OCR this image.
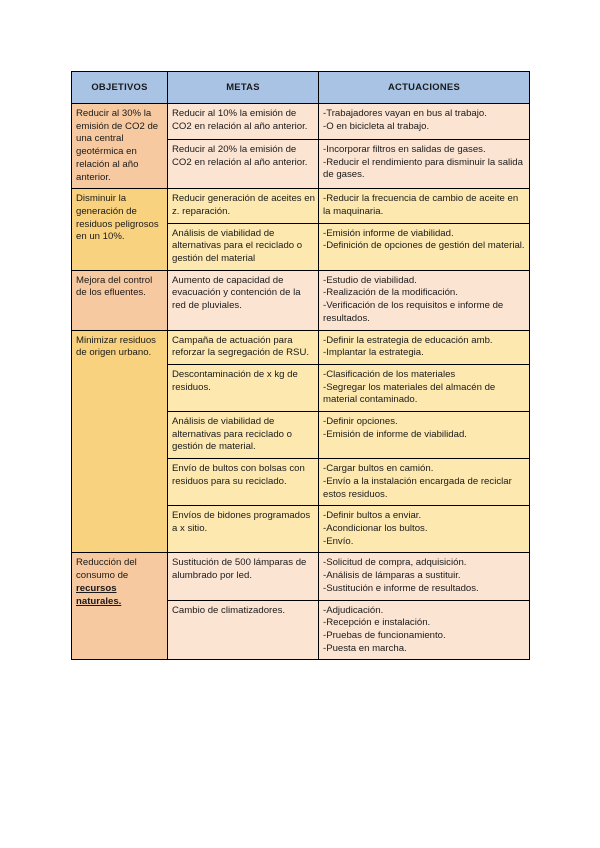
OBJETIVOS	METAS	ACTUACIONES
Reducir al 30% la emisión de CO2 de una central geotérmica en relación al año anterior.	Reducir al 10% la emisión de CO2 en relación al año anterior.	-Trabajadores vayan en bus al trabajo.
-O en bicicleta al trabajo.

	Reducir al 20% la emisión de CO2 en relación al año anterior.	-Incorporar filtros en salidas de gases.
-Reducir el rendimiento para disminuir la salida de gases.

Disminuir la generación de residuos peligrosos en un 10%.	Reducir generación de aceites en z. reparación.	-Reducir la frecuencia de cambio de aceite en la maquinaria.

	Análisis de viabilidad de alternativas para el reciclado o gestión del material	-Emisión informe de viabilidad.
-Definición de opciones de gestión del material.

Mejora del control de los efluentes.	Aumento de capacidad de evacuación y contención de la red de pluviales.	-Estudio de viabilidad.
-Realización de la modificación.
-Verificación de los requisitos e informe de resultados.

Minimizar residuos de origen urbano.	Campaña de actuación para reforzar la segregación de RSU.	-Definir la estrategia de educación amb.
-Implantar la estrategia.

	Descontaminación de x kg de residuos.	-Clasificación de los materiales
-Segregar los materiales del almacén de material contaminado.

	Análisis de viabilidad de alternativas para reciclado o gestión de material.	-Definir opciones.
-Emisión de informe de viabilidad.

	Envío de bultos con bolsas con residuos para su reciclado.	-Cargar bultos en camión.
-Envío a la instalación encargada de reciclar estos residuos.

	Envíos de bidones programados a x sitio.	-Definir bultos a enviar.
-Acondicionar los bultos.
-Envío.

Reducción del consumo de recursos naturales.	Sustitución de 500 lámparas de alumbrado por led.	-Solicitud de compra, adquisición.
-Análisis de lámparas a sustituir.
-Sustitución e informe de resultados.

	Cambio de climatizadores.	-Adjudicación.
-Recepción e instalación.
-Pruebas de funcionamiento.
-Puesta en marcha.
